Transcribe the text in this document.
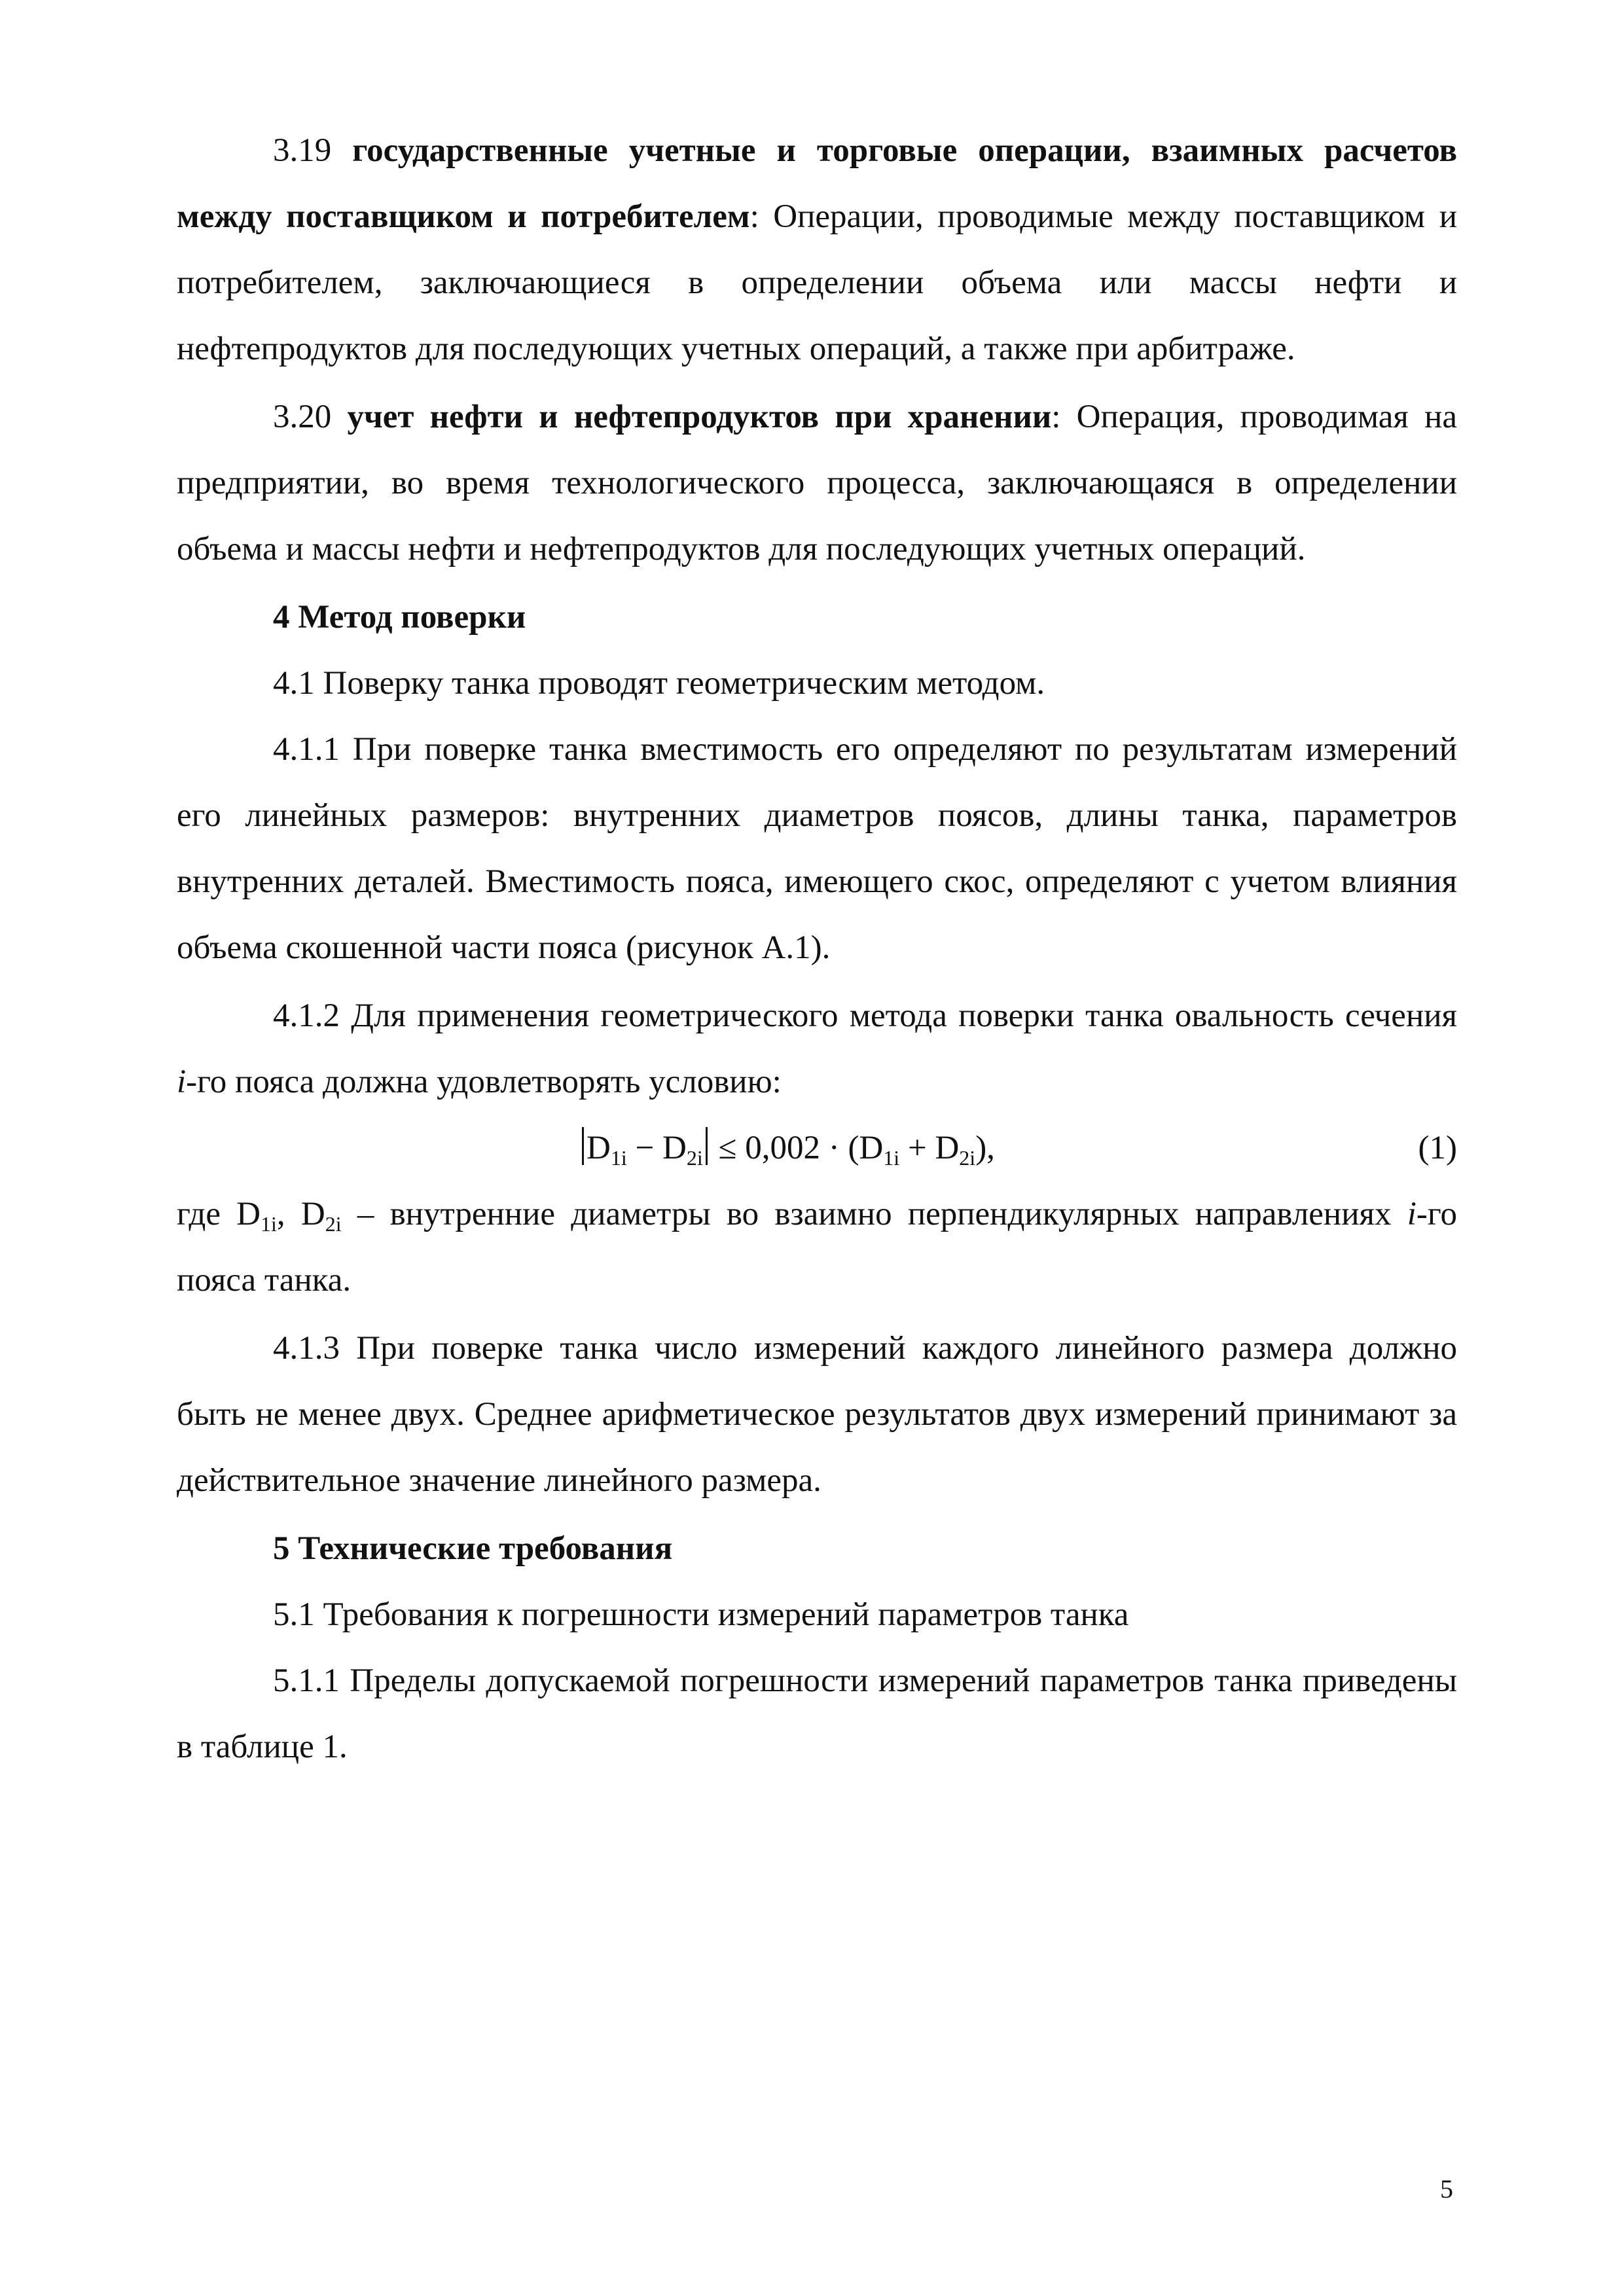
3.19 государственные учетные и торговые операции, взаимных расчетов между поставщиком и потребителем: Операции, проводимые между поставщиком и потребителем, заключающиеся в определении объема или массы нефти и нефтепродуктов для последующих учетных операций, а также при арбитраже.

3.20 учет нефти и нефтепродуктов при хранении: Операция, проводимая на предприятии, во время технологического процесса, заключающаяся в определении объема и массы нефти и нефтепродуктов для последующих учетных операций.

4 Метод поверки

4.1 Поверку танка проводят геометрическим методом.

4.1.1 При поверке танка вместимость его определяют по результатам измерений его линейных размеров: внутренних диаметров поясов, длины танка, параметров внутренних деталей. Вместимость пояса, имеющего скос, определяют с учетом влияния объема скошенной части пояса (рисунок А.1).

4.1.2 Для применения геометрического метода поверки танка овальность сечения i-го пояса должна удовлетворять условию:

$D_{1i} - D_{2i} \le 0,002 \cdot (D_{1i} + D_{2i})$,	(1)

где $D_{1i}$, $D_{2i}$ – внутренние диаметры во взаимно перпендикулярных направлениях i-го пояса танка.

4.1.3 При поверке танка число измерений каждого линейного размера должно быть не менее двух. Среднее арифметическое результатов двух измерений принимают за действительное значение линейного размера.

5 Технические требования

5.1 Требования к погрешности измерений параметров танка

5.1.1 Пределы допускаемой погрешности измерений параметров танка приведены в таблице 1.

5
